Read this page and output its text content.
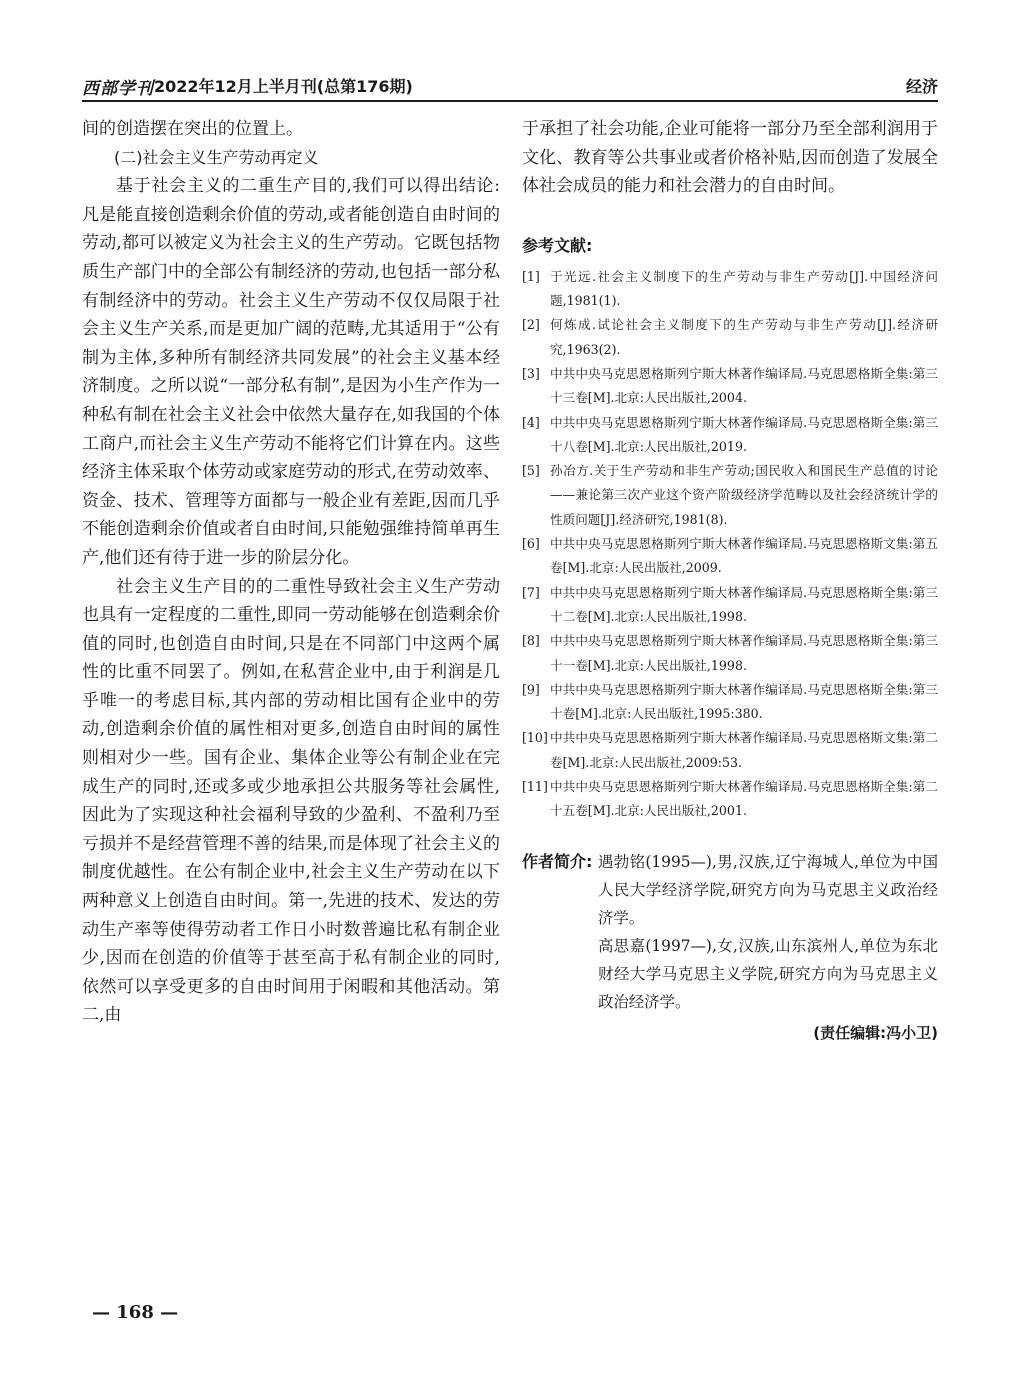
西部学刊 2022年12月上半月刊(总第176期)	经济

间的创造摆在突出的位置上。

(二)社会主义生产劳动再定义

基于社会主义的二重生产目的,我们可以得出结论:凡是能直接创造剩余价值的劳动,或者能创造自由时间的劳动,都可以被定义为社会主义的生产劳动。它既包括物质生产部门中的全部公有制经济的劳动,也包括一部分私有制经济中的劳动。社会主义生产劳动不仅仅局限于社会主义生产关系,而是更加广阔的范畴,尤其适用于“公有制为主体,多种所有制经济共同发展”的社会主义基本经济制度。之所以说“一部分私有制”,是因为小生产作为一种私有制在社会主义社会中依然大量存在,如我国的个体工商户,而社会主义生产劳动不能将它们计算在内。这些经济主体采取个体劳动或家庭劳动的形式,在劳动效率、资金、技术、管理等方面都与一般企业有差距,因而几乎不能创造剩余价值或者自由时间,只能勉强维持简单再生产,他们还有待于进一步的阶层分化。

社会主义生产目的的二重性导致社会主义生产劳动也具有一定程度的二重性,即同一劳动能够在创造剩余价值的同时,也创造自由时间,只是在不同部门中这两个属性的比重不同罢了。例如,在私营企业中,由于利润是几乎唯一的考虑目标,其内部的劳动相比国有企业中的劳动,创造剩余价值的属性相对更多,创造自由时间的属性则相对少一些。国有企业、集体企业等公有制企业在完成生产的同时,还或多或少地承担公共服务等社会属性,因此为了实现这种社会福利导致的少盈利、不盈利乃至亏损并不是经营管理不善的结果,而是体现了社会主义的制度优越性。在公有制企业中,社会主义生产劳动在以下两种意义上创造自由时间。第一,先进的技术、发达的劳动生产率等使得劳动者工作日小时数普遍比私有制企业少,因而在创造的价值等于甚至高于私有制企业的同时,依然可以享受更多的自由时间用于闲暇和其他活动。第二,由

于承担了社会功能,企业可能将一部分乃至全部利润用于文化、教育等公共事业或者价格补贴,因而创造了发展全体社会成员的能力和社会潜力的自由时间。

参考文献:
[1] 于光远.社会主义制度下的生产劳动与非生产劳动[J].中国经济问题,1981(1).
[2] 何炼成.试论社会主义制度下的生产劳动与非生产劳动[J].经济研究,1963(2).
[3] 中共中央马克思恩格斯列宁斯大林著作编译局.马克思恩格斯全集:第三十三卷[M].北京:人民出版社,2004.
[4] 中共中央马克思恩格斯列宁斯大林著作编译局.马克思恩格斯全集:第三十八卷[M].北京:人民出版社,2019.
[5] 孙冶方.关于生产劳动和非生产劳动;国民收入和国民生产总值的讨论——兼论第三次产业这个资产阶级经济学范畴以及社会经济统计学的性质问题[J].经济研究,1981(8).
[6] 中共中央马克思恩格斯列宁斯大林著作编译局.马克思恩格斯文集:第五卷[M].北京:人民出版社,2009.
[7] 中共中央马克思恩格斯列宁斯大林著作编译局.马克思恩格斯全集:第三十二卷[M].北京:人民出版社,1998.
[8] 中共中央马克思恩格斯列宁斯大林著作编译局.马克思恩格斯全集:第三十一卷[M].北京:人民出版社,1998.
[9] 中共中央马克思恩格斯列宁斯大林著作编译局.马克思恩格斯全集:第三十卷[M].北京:人民出版社,1995:380.
[10] 中共中央马克思恩格斯列宁斯大林著作编译局.马克思恩格斯文集:第二卷[M].北京:人民出版社,2009:53.
[11] 中共中央马克思恩格斯列宁斯大林著作编译局.马克思恩格斯全集:第二十五卷[M].北京:人民出版社,2001.
作者简介: 遇勃铭(1995—),男,汉族,辽宁海城人,单位为中国人民大学经济学院,研究方向为马克思主义政治经济学。

高思嘉(1997—),女,汉族,山东滨州人,单位为东北财经大学马克思主义学院,研究方向为马克思主义政治经济学。

(责任编辑:冯小卫)
— 168 —
